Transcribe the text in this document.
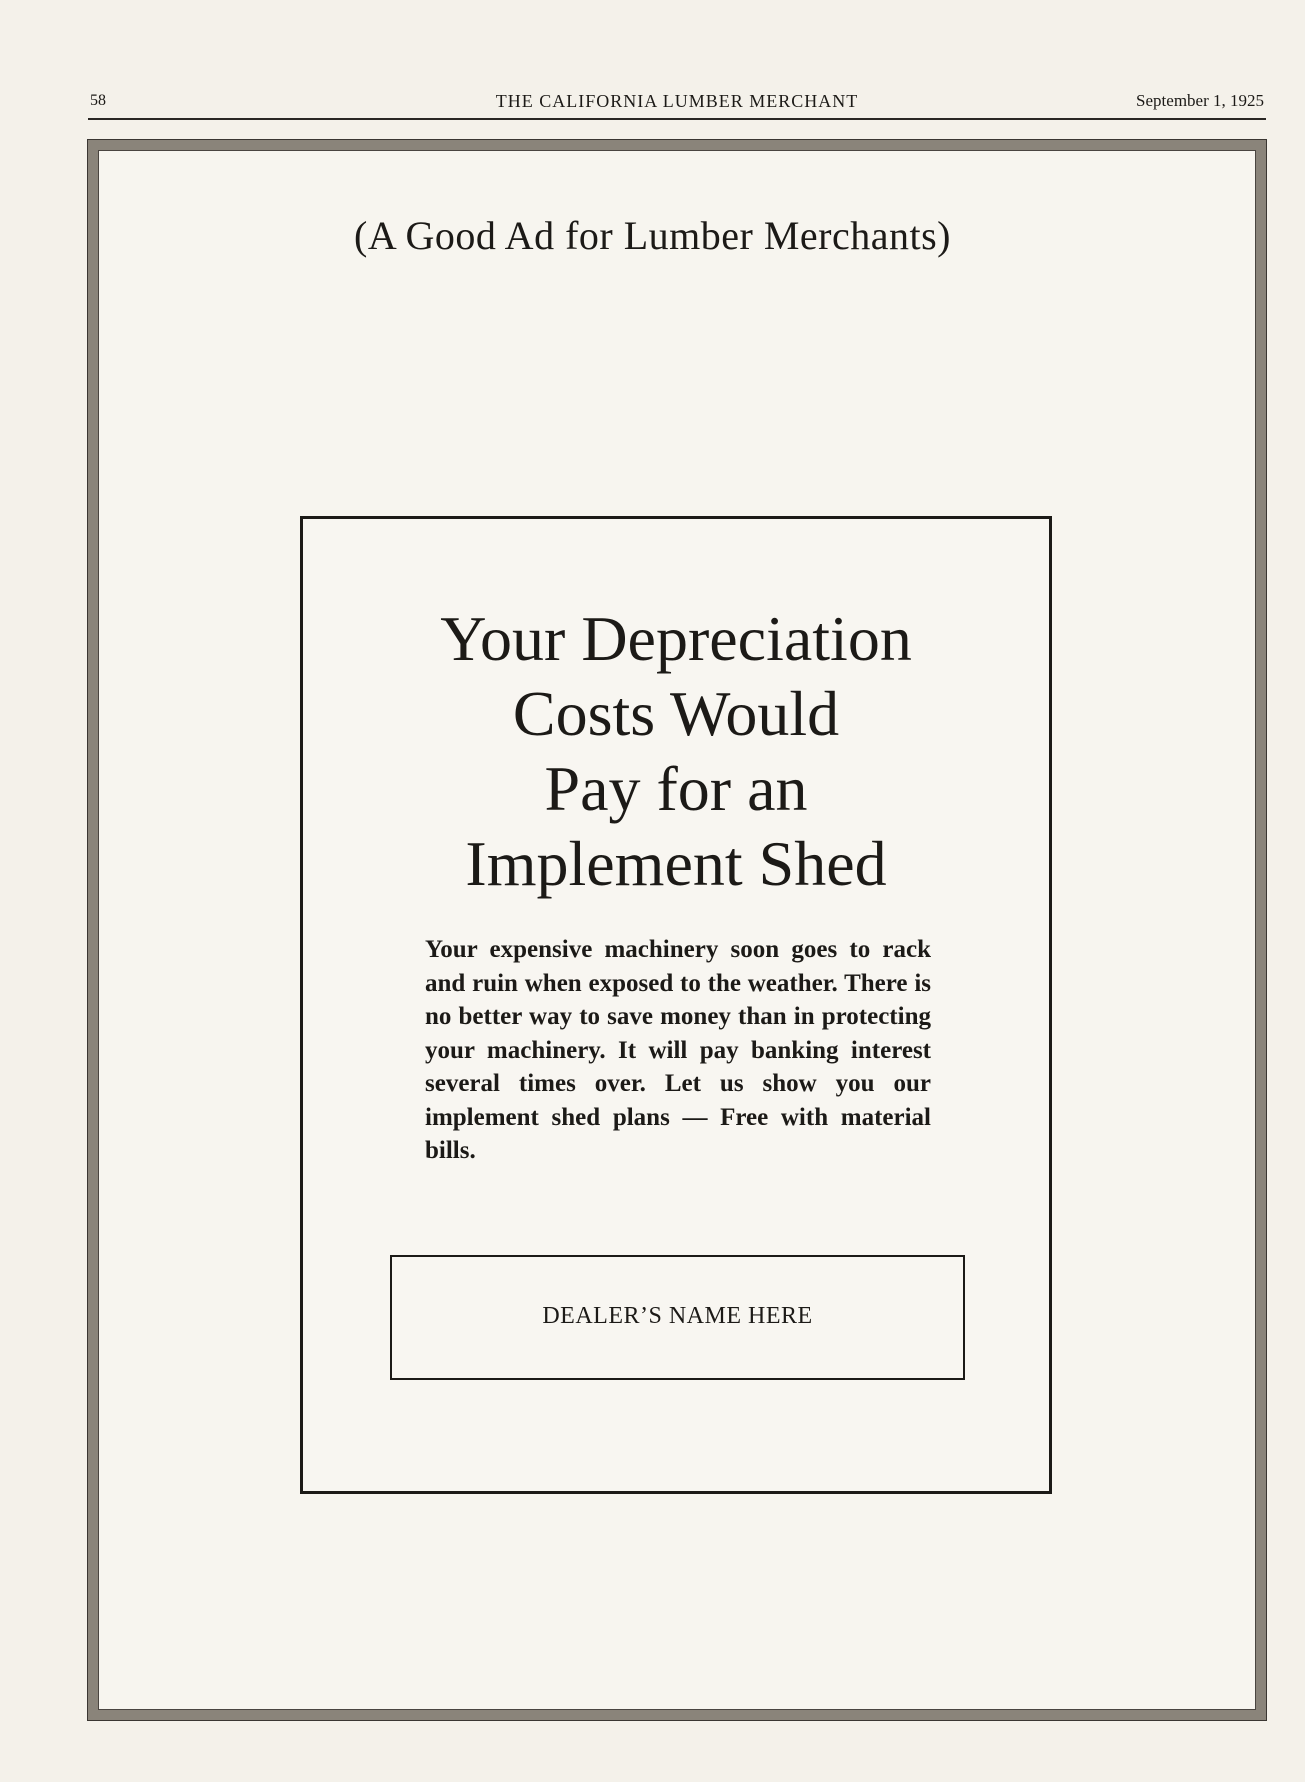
58	THE CALIFORNIA LUMBER MERCHANT	September 1, 1925
(A Good Ad for Lumber Merchants)
Your Depreciation
Costs Would
Pay for an
Implement Shed

Your expensive machinery soon goes to rack and ruin when exposed to the weather. There is no better way to save money than in protecting your machinery. It will pay banking interest several times over. Let us show you our implement shed plans — Free with material bills.

DEALER’S NAME HERE
